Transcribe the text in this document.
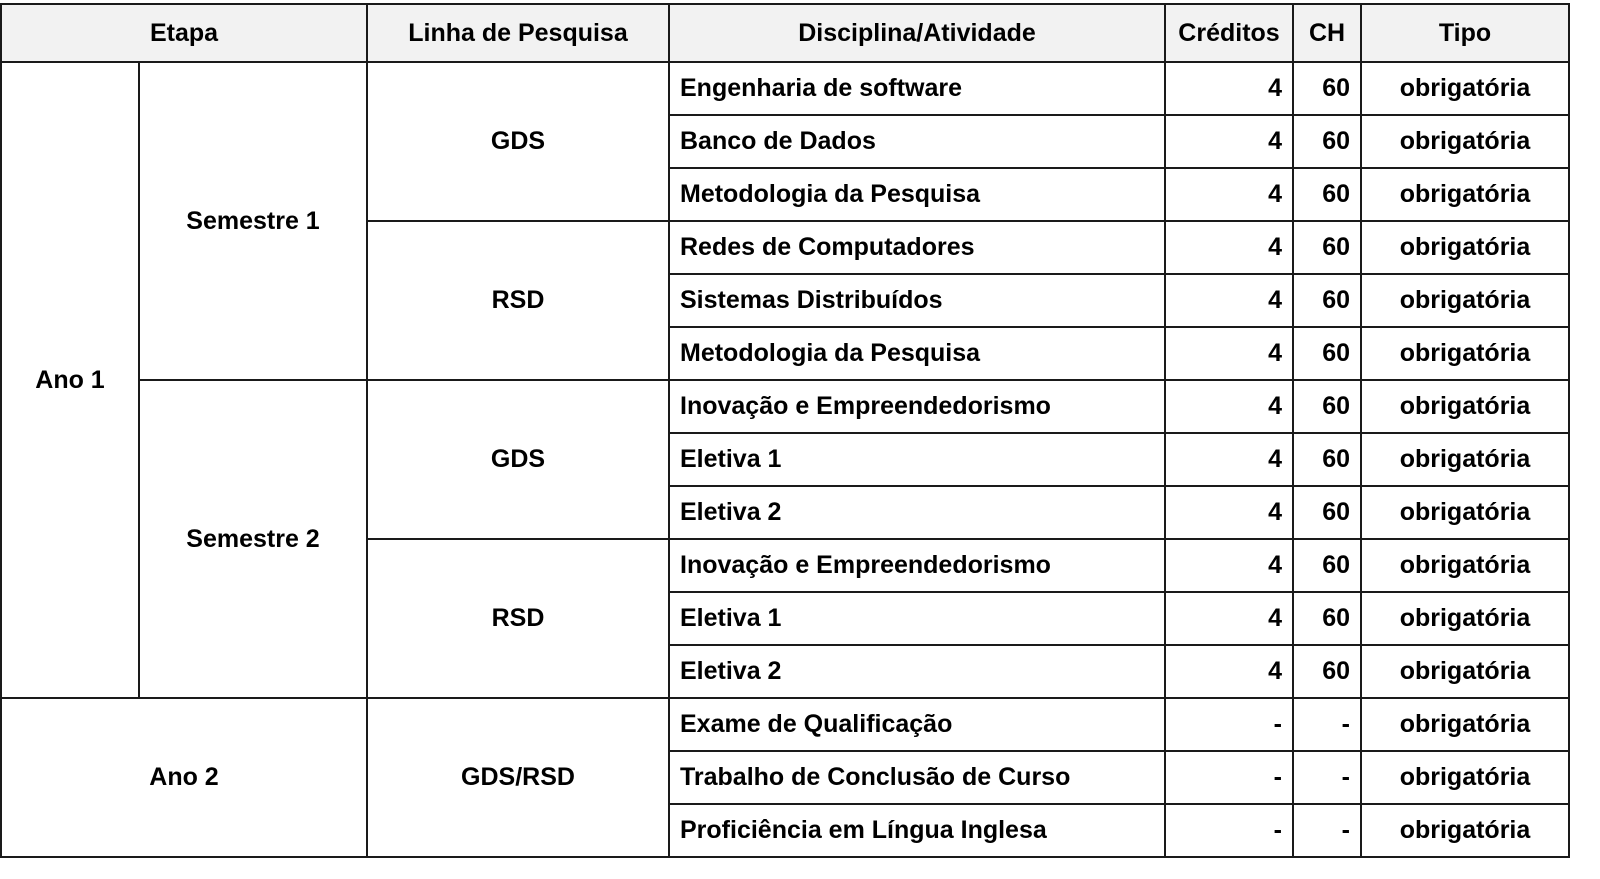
Etapa		Linha de Pesquisa	Disciplina/Atividade	Créditos	CH	Tipo
Ano 1	Semestre 1	GDS	Engenharia de software	4	60	obrigatória
			Banco de Dados	4	60	obrigatória
			Metodologia da Pesquisa	4	60	obrigatória
		RSD	Redes de Computadores	4	60	obrigatória
			Sistemas Distribuídos	4	60	obrigatória
			Metodologia da Pesquisa	4	60	obrigatória
	Semestre 2	GDS	Inovação e Empreendedorismo	4	60	obrigatória
			Eletiva 1	4	60	obrigatória
			Eletiva 2	4	60	obrigatória
		RSD	Inovação e Empreendedorismo	4	60	obrigatória
			Eletiva 1	4	60	obrigatória
			Eletiva 2	4	60	obrigatória
Ano 2		GDS/RSD	Exame de Qualificação	-	-	obrigatória
			Trabalho de Conclusão de Curso	-	-	obrigatória
			Proficiência em Língua Inglesa	-	-	obrigatória
